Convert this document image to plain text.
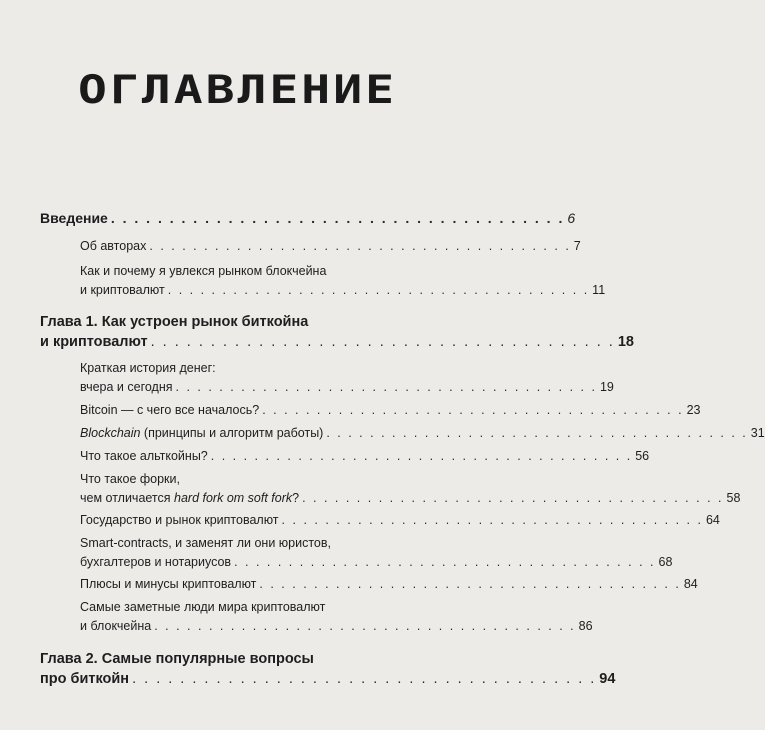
ОГЛАВЛЕНИЕ
Введение . . . . . . . . . . . . . . . . . . . . . . . . . . . . . . . . . . . . . . . 6
Об авторах . . . . . . . . . . . . . . . . . . . . . . . . . . . . . . . . . . . . . . . 7
Как и почему я увлекся рынком блокчейна
и криптовалют . . . . . . . . . . . . . . . . . . . . . . . . . . . . . . . . . . . . . . . 11
Глава 1. Как устроен рынок биткойна
и криптовалют . . . . . . . . . . . . . . . . . . . . . . . . . . . . . . . . . . . . . . . 18
Краткая история денег:
вчера и сегодня . . . . . . . . . . . . . . . . . . . . . . . . . . . . . . . . . . . . . . . 19
Bitcoin — с чего все началось? . . . . . . . . . . . . . . . . . . . . . . . . . . . . . . . . . . . . . . . 23
Blockchain (принципы и алгоритм работы) . . . . . . . . . . . . . . . . . . . . . . . . . . . . . . . . . . . . . . . 31
Что такое альткойны? . . . . . . . . . . . . . . . . . . . . . . . . . . . . . . . . . . . . . . . 56
Что такое форки,
чем отличается hard fork от soft fork? . . . . . . . . . . . . . . . . . . . . . . . . . . . . . . . . . . . . . . . 58
Государство и рынок криптовалют . . . . . . . . . . . . . . . . . . . . . . . . . . . . . . . . . . . . . . . 64
Smart-contracts, и заменят ли они юристов,
бухгалтеров и нотариусов . . . . . . . . . . . . . . . . . . . . . . . . . . . . . . . . . . . . . . . 68
Плюсы и минусы криптовалют . . . . . . . . . . . . . . . . . . . . . . . . . . . . . . . . . . . . . . . 84
Самые заметные люди мира криптовалют
и блокчейна . . . . . . . . . . . . . . . . . . . . . . . . . . . . . . . . . . . . . . . 86
Глава 2. Самые популярные вопросы
про биткойн . . . . . . . . . . . . . . . . . . . . . . . . . . . . . . . . . . . . . . . 94
